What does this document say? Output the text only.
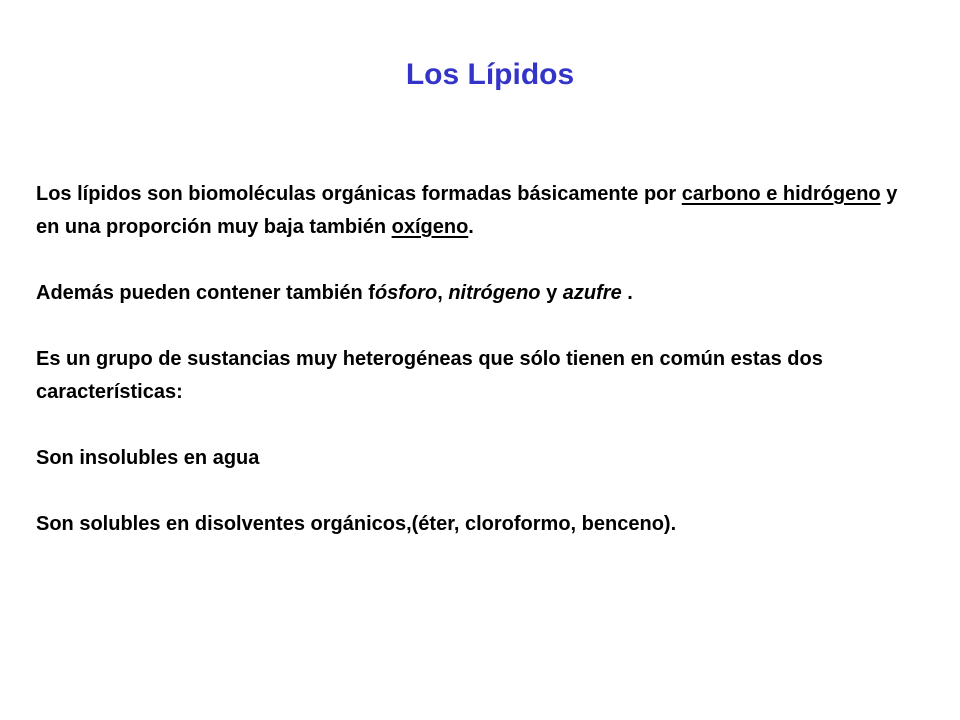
Los Lípidos

Los lípidos son biomoléculas orgánicas formadas básicamente por carbono e hidrógeno y en una proporción muy baja también oxígeno.

Además pueden contener también fósforo, nitrógeno y azufre .

Es un grupo de sustancias muy heterogéneas que sólo tienen en común estas dos características:

Son insolubles en agua

Son solubles en disolventes orgánicos,(éter, cloroformo, benceno).
